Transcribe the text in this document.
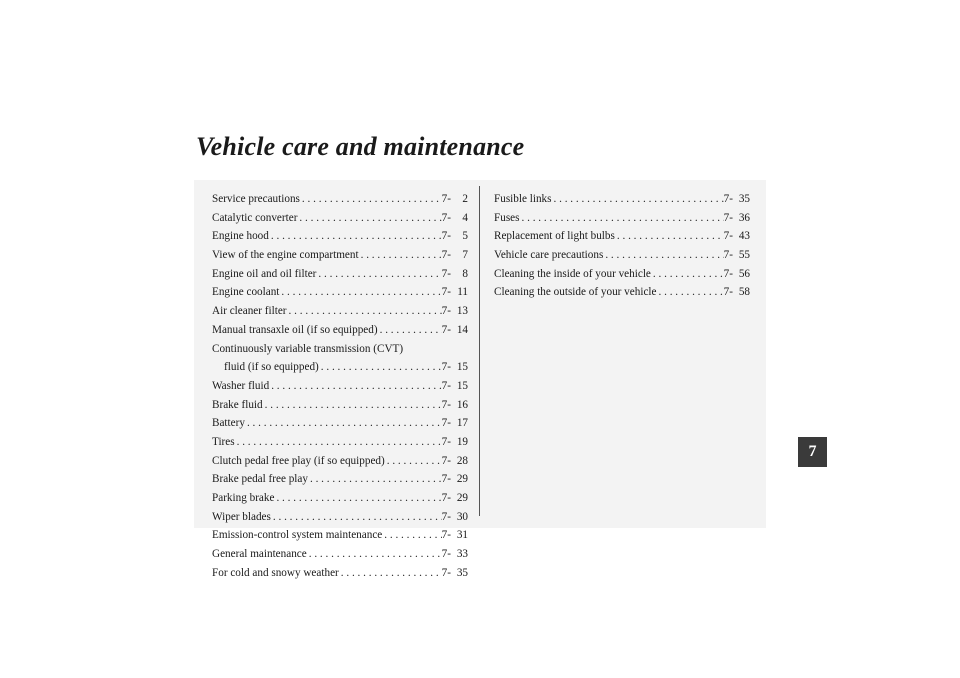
Vehicle care and maintenance
Service precautions . . .	7- 2
Catalytic converter . . .	7- 4
Engine hood . . .	7- 5
View of the engine compartment . . .	7- 7
Engine oil and oil filter . . .	7- 8
Engine coolant . . .	7- 11
Air cleaner filter . . .	7- 13
Manual transaxle oil (if so equipped) . . .	7- 14
Continuously variable transmission (CVT)
fluid (if so equipped) . . .	7- 15
Washer fluid . . .	7- 15
Brake fluid . . .	7- 16
Battery . . .	7- 17
Tires . . .	7- 19
Clutch pedal free play (if so equipped) . . .	7- 28
Brake pedal free play . . .	7- 29
Parking brake . . .	7- 29
Wiper blades . . .	7- 30
Emission-control system maintenance . . .	7- 31
General maintenance . . .	7- 33
For cold and snowy weather . . .	7- 35
Fusible links . . .	7- 35
Fuses . . .	7- 36
Replacement of light bulbs . . .	7- 43
Vehicle care precautions . . .	7- 55
Cleaning the inside of your vehicle . . .	7- 56
Cleaning the outside of your vehicle . . .	7- 58
7
